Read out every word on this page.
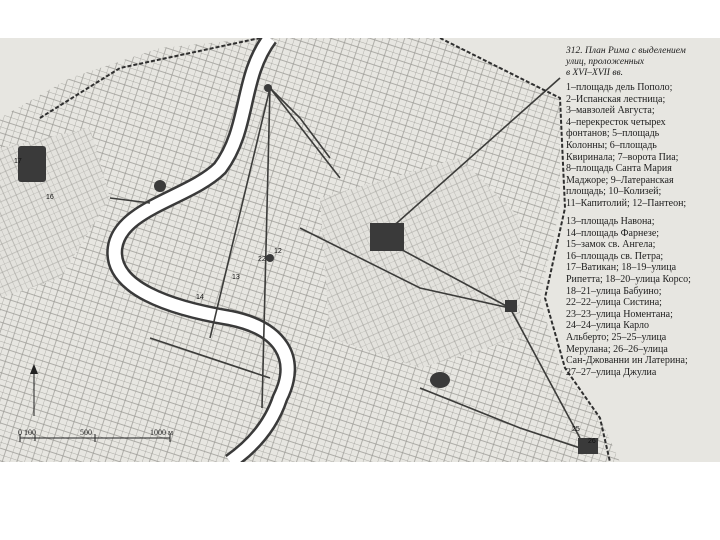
16
17
22
25
26
14
13
12
0 100	500	1000 м
312. План Рима с выделением
улиц, проложенных
в XVI–XVII вв.
1–площадь дель Пополо;
2–Испанская лестница;
3–мавзолей Августа;
4–перекресток четырех
фонтанов; 5–площадь
Колонны; 6–площадь
Квиринала; 7–ворота Пиа;
8–площадь Санта Мария
Маджоре; 9–Латеранская
площадь; 10–Колизей;
11–Капитолий; 12–Пантеон;
13–площадь Навона;
14–площадь Фарнезе;
15–замок св. Ангела;
16–площадь св. Петра;
17–Ватикан; 18–19–улица
Рипетта; 18–20–улица Корсо;
18–21–улица Бабуино;
22–22–улица Систина;
23–23–улица Номентана;
24–24–улица Карло
Альберто; 25–25–улица
Мерулана; 26–26–улица
Сан-Джованни ин Латерина;
27–27–улица Джулиа
